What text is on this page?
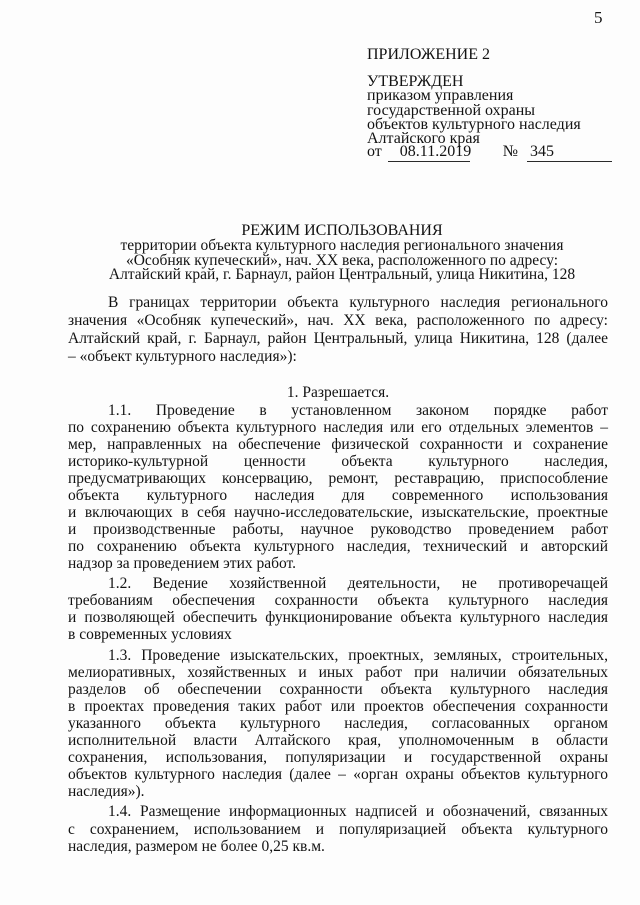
5
ПРИЛОЖЕНИЕ 2
УТВЕРЖДЕН
приказом управления
государственной охраны
объектов культурного наследия
Алтайского края
от 08.11.2019 № 345
РЕЖИМ ИСПОЛЬЗОВАНИЯ
территории объекта культурного наследия регионального значения
«Особняк купеческий», нач. XX века, расположенного по адресу:
Алтайский край, г. Барнаул, район Центральный, улица Никитина, 128
В границах территории объекта культурного наследия регионального
значения «Особняк купеческий», нач. XX века, расположенного по адресу:
Алтайский край, г. Барнаул, район Центральный, улица Никитина, 128 (далее
– «объект культурного наследия»):
1. Разрешается.
1.1. Проведение в установленном законом порядке работ
по сохранению объекта культурного наследия или его отдельных элементов –
мер, направленных на обеспечение физической сохранности и сохранение
историко-культурной ценности объекта культурного наследия,
предусматривающих консервацию, ремонт, реставрацию, приспособление
объекта культурного наследия для современного использования
и включающих в себя научно-исследовательские, изыскательские, проектные
и производственные работы, научное руководство проведением работ
по сохранению объекта культурного наследия, технический и авторский
надзор за проведением этих работ.
1.2. Ведение хозяйственной деятельности, не противоречащей
требованиям обеспечения сохранности объекта культурного наследия
и позволяющей обеспечить функционирование объекта культурного наследия
в современных условиях
1.3. Проведение изыскательских, проектных, земляных, строительных,
мелиоративных, хозяйственных и иных работ при наличии обязательных
разделов об обеспечении сохранности объекта культурного наследия
в проектах проведения таких работ или проектов обеспечения сохранности
указанного объекта культурного наследия, согласованных органом
исполнительной власти Алтайского края, уполномоченным в области
сохранения, использования, популяризации и государственной охраны
объектов культурного наследия (далее – «орган охраны объектов культурного
наследия»).
1.4. Размещение информационных надписей и обозначений, связанных
с сохранением, использованием и популяризацией объекта культурного
наследия, размером не более 0,25 кв.м.
